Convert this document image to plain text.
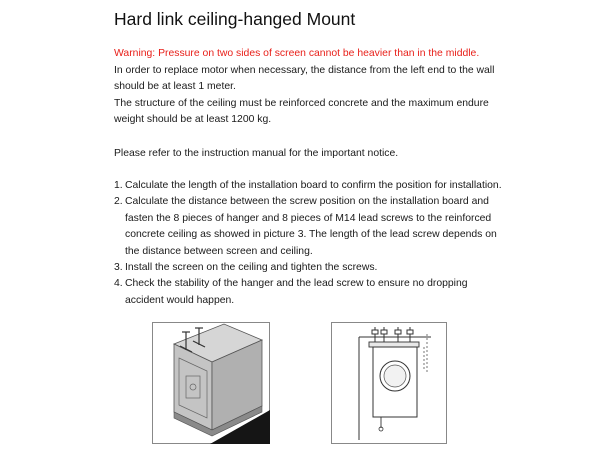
Hard link ceiling-hanged Mount

Warning: Pressure on two sides of screen cannot be heavier than in the middle.

In order to replace motor when necessary, the distance from the left end to the wall

should be at least 1 meter.

The structure of the ceiling must be reinforced concrete and the maximum endure

weight should be at least 1200 kg.

Please refer to the instruction manual for the important notice.

1. Calculate the length of the installation board to confirm the position for installation.
2. Calculate the distance between the screw position on the installation board and
fasten the 8 pieces of hanger and 8 pieces of M14 lead screws to the reinforced
concrete ceiling as showed in picture 3. The length of the lead screw depends on
the distance between screen and ceiling.
3. Install the screen on the ceiling and tighten the screws.
4. Check the stability of the hanger and the lead screw to ensure no dropping
accident would happen.
